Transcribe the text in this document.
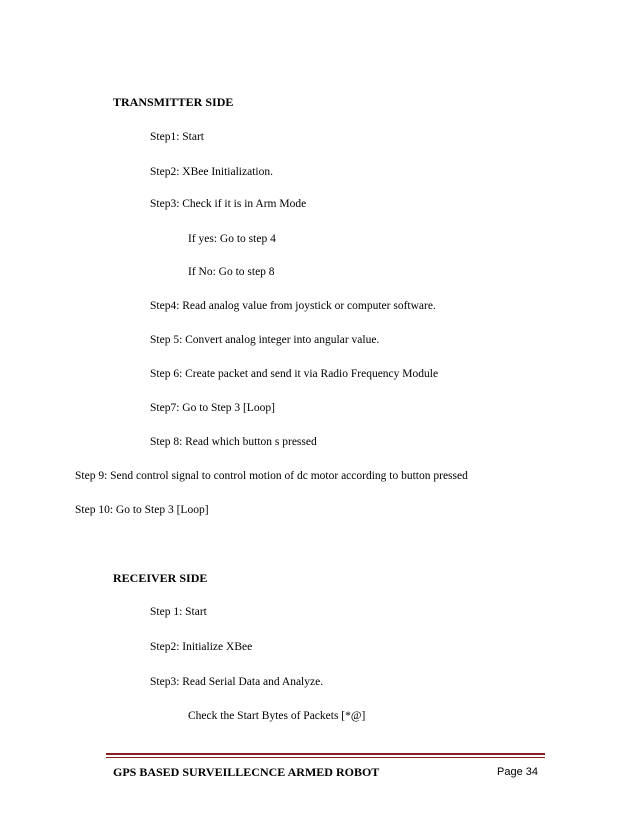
TRANSMITTER SIDE
Step1: Start
Step2: XBee Initialization.
Step3: Check if it is in Arm Mode
If yes: Go to step 4
If No: Go to step 8
Step4: Read analog value from joystick or computer software.
Step 5: Convert analog integer into angular value.
Step 6: Create packet and send it via Radio Frequency Module
Step7: Go to Step 3 [Loop]
Step 8: Read which button s pressed
Step 9: Send control signal to control motion of dc motor according to button pressed
Step 10: Go to Step 3 [Loop]
RECEIVER SIDE
Step 1: Start
Step2: Initialize XBee
Step3: Read Serial Data and Analyze.
Check the Start Bytes of Packets [*@]
GPS BASED SURVEILLECNCE ARMED ROBOT	Page 34
